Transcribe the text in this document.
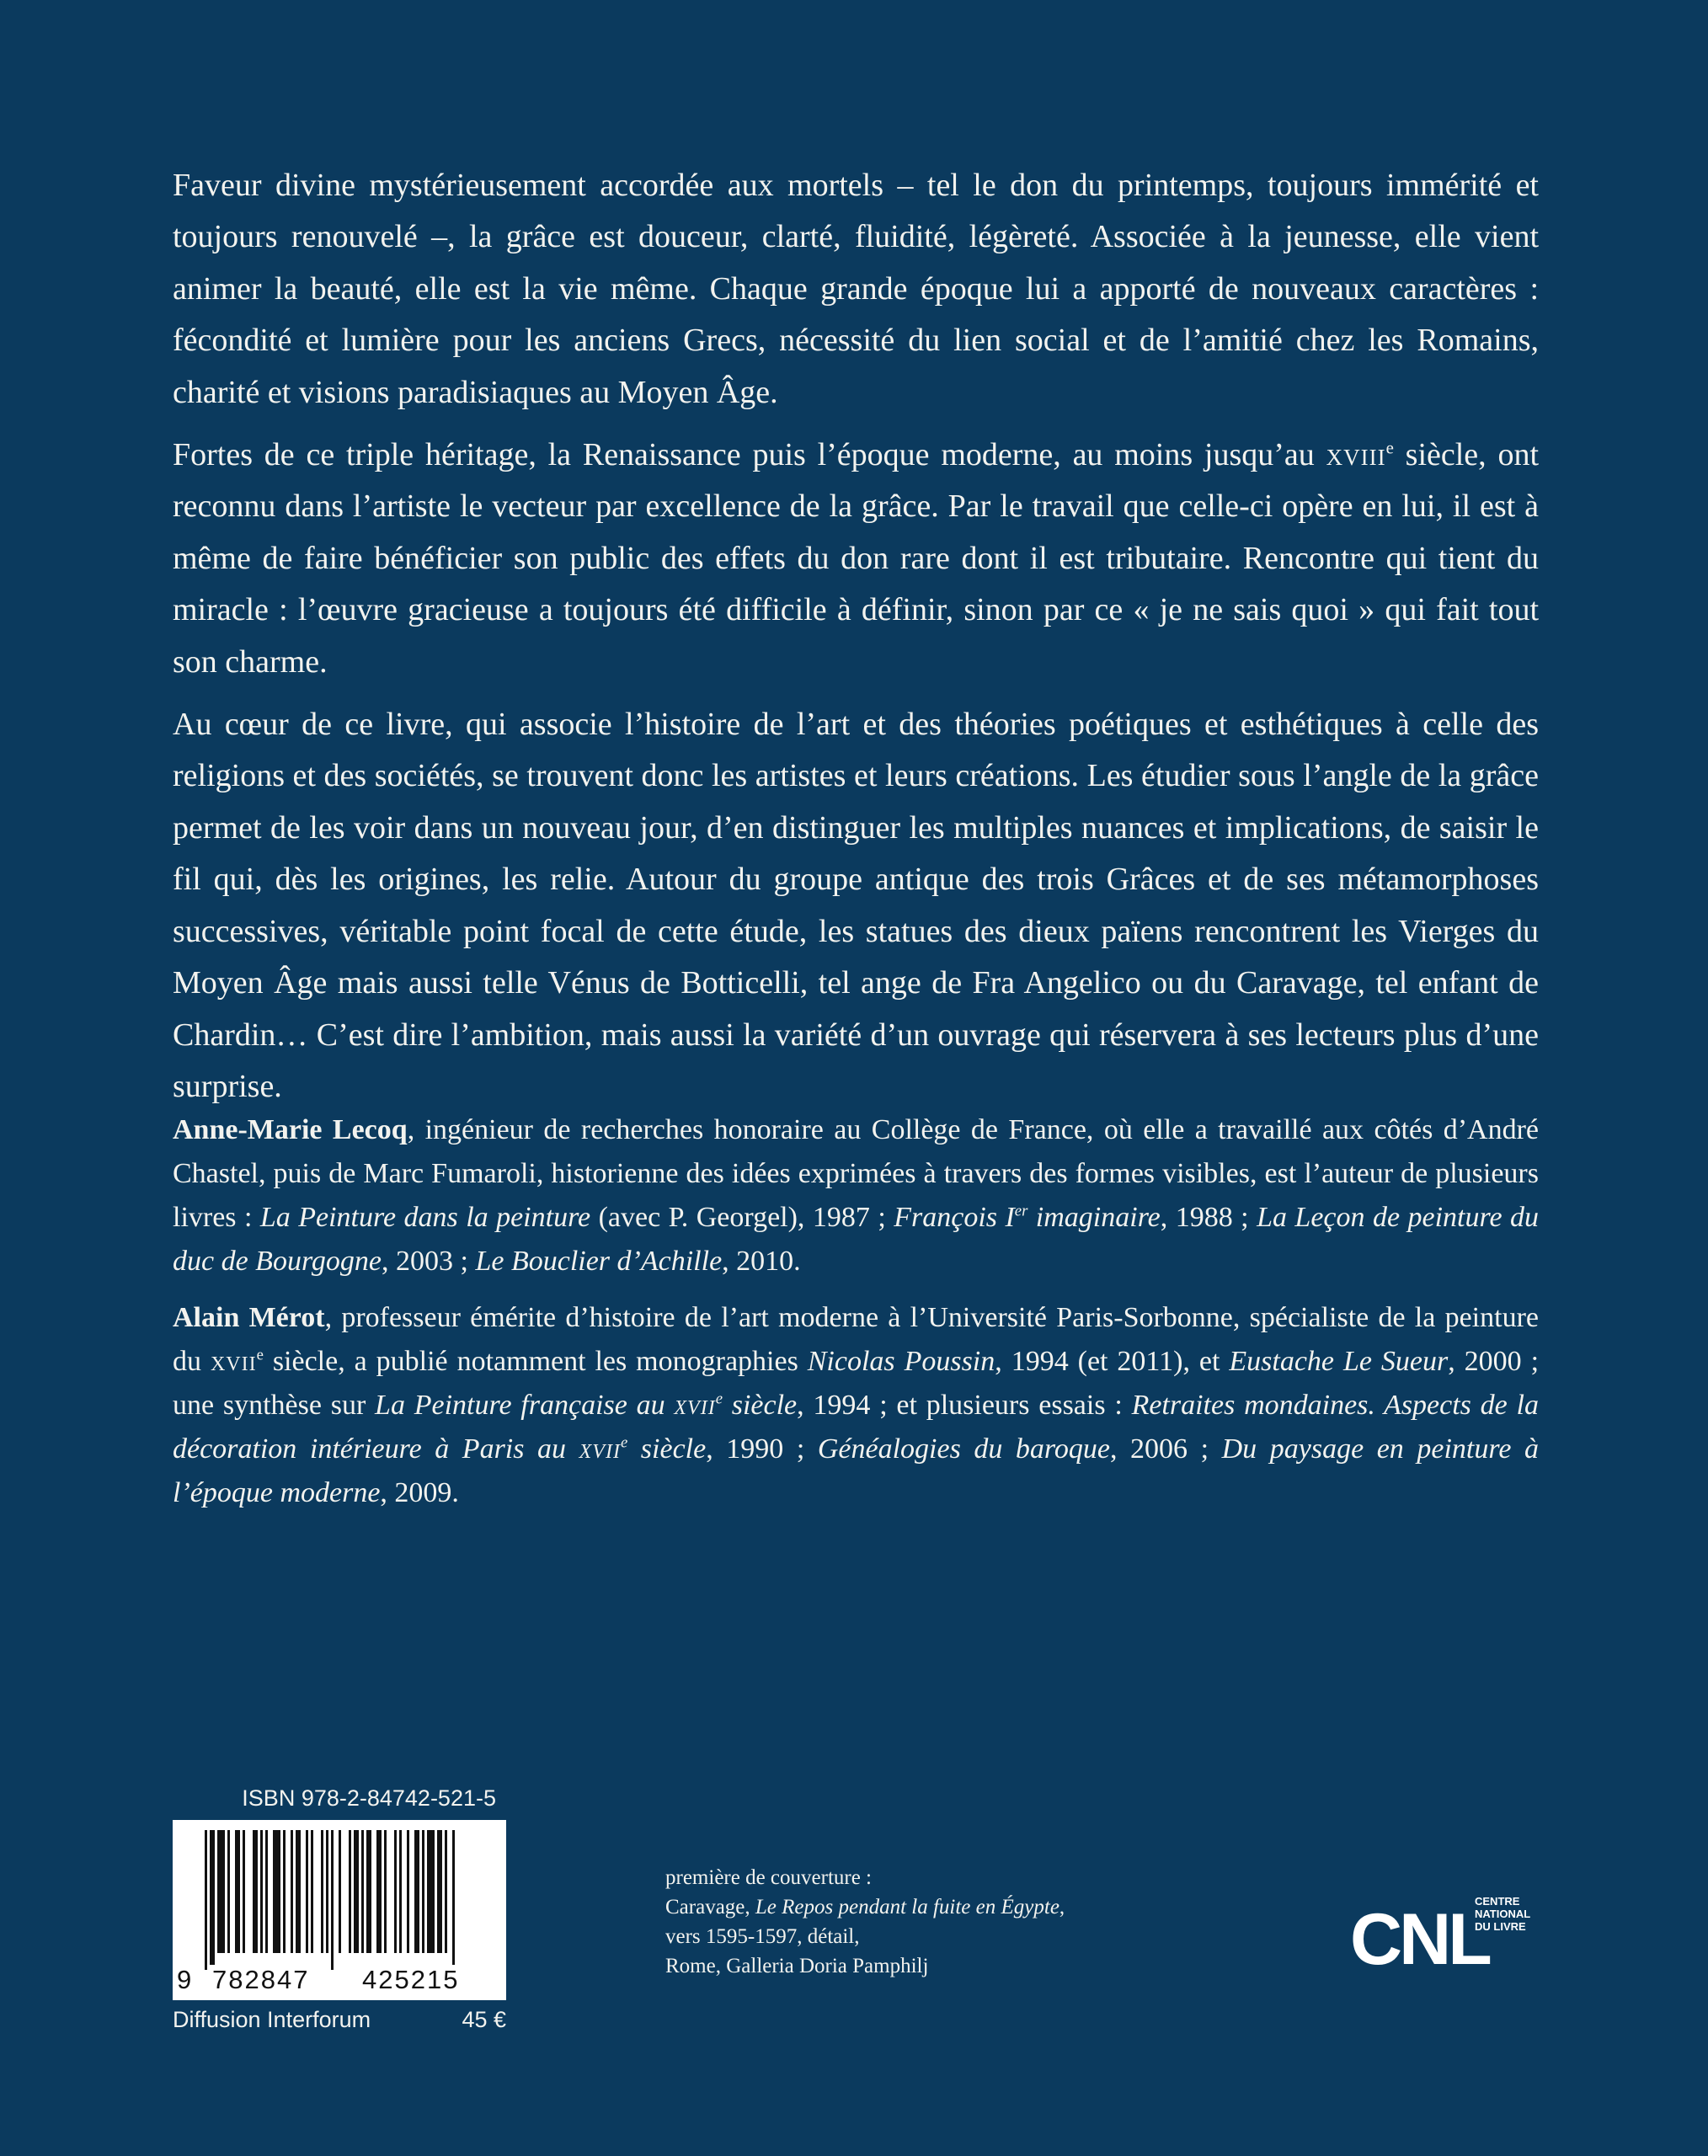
Faveur divine mystérieusement accordée aux mortels – tel le don du printemps, toujours immérité et toujours renouvelé –, la grâce est douceur, clarté, fluidité, légèreté. Associée à la jeunesse, elle vient animer la beauté, elle est la vie même. Chaque grande époque lui a apporté de nouveaux caractères : fécondité et lumière pour les anciens Grecs, nécessité du lien social et de l’amitié chez les Romains, charité et visions paradisiaques au Moyen Âge.

Fortes de ce triple héritage, la Renaissance puis l’époque moderne, au moins jusqu’au xviii$^e$ siècle, ont reconnu dans l’artiste le vecteur par excellence de la grâce. Par le travail que celle-ci opère en lui, il est à même de faire bénéficier son public des effets du don rare dont il est tributaire. Rencontre qui tient du miracle : l’œuvre gracieuse a toujours été difficile à définir, sinon par ce « je ne sais quoi » qui fait tout son charme.

Au cœur de ce livre, qui associe l’histoire de l’art et des théories poétiques et esthétiques à celle des religions et des sociétés, se trouvent donc les artistes et leurs créations. Les étudier sous l’angle de la grâce permet de les voir dans un nouveau jour, d’en distinguer les multiples nuances et implications, de saisir le fil qui, dès les origines, les relie. Autour du groupe antique des trois Grâces et de ses métamorphoses successives, véritable point focal de cette étude, les statues des dieux païens rencontrent les Vierges du Moyen Âge mais aussi telle Vénus de Botticelli, tel ange de Fra Angelico ou du Caravage, tel enfant de Chardin… C’est dire l’ambition, mais aussi la variété d’un ouvrage qui réservera à ses lecteurs plus d’une surprise.

Anne-Marie Lecoq, ingénieur de recherches honoraire au Collège de France, où elle a travaillé aux côtés d’André Chastel, puis de Marc Fumaroli, historienne des idées exprimées à travers des formes visibles, est l’auteur de plusieurs livres : La Peinture dans la peinture (avec P. Georgel), 1987 ; François Ier imaginaire, 1988 ; La Leçon de peinture du duc de Bourgogne, 2003 ; Le Bouclier d’Achille, 2010.

Alain Mérot, professeur émérite d’histoire de l’art moderne à l’Université Paris-Sorbonne, spécialiste de la peinture du xvii$^e$ siècle, a publié notamment les monographies Nicolas Poussin, 1994 (et 2011), et Eustache Le Sueur, 2000 ; une synthèse sur La Peinture française au xvii$^e$ siècle, 1994 ; et plusieurs essais : Retraites mondaines. Aspects de la décoration intérieure à Paris au xvii$^e$ siècle, 1990 ; Généalogies du baroque, 2006 ; Du paysage en peinture à l’époque moderne, 2009.

ISBN 978-2-84742-521-5
9 782847 425215
Diffusion Interforum	45 €
première de couverture :
Caravage, Le Repos pendant la fuite en Égypte,
vers 1595-1597, détail,
Rome, Galleria Doria Pamphilj	CNL
CENTRE
NATIONAL
DU LIVRE
